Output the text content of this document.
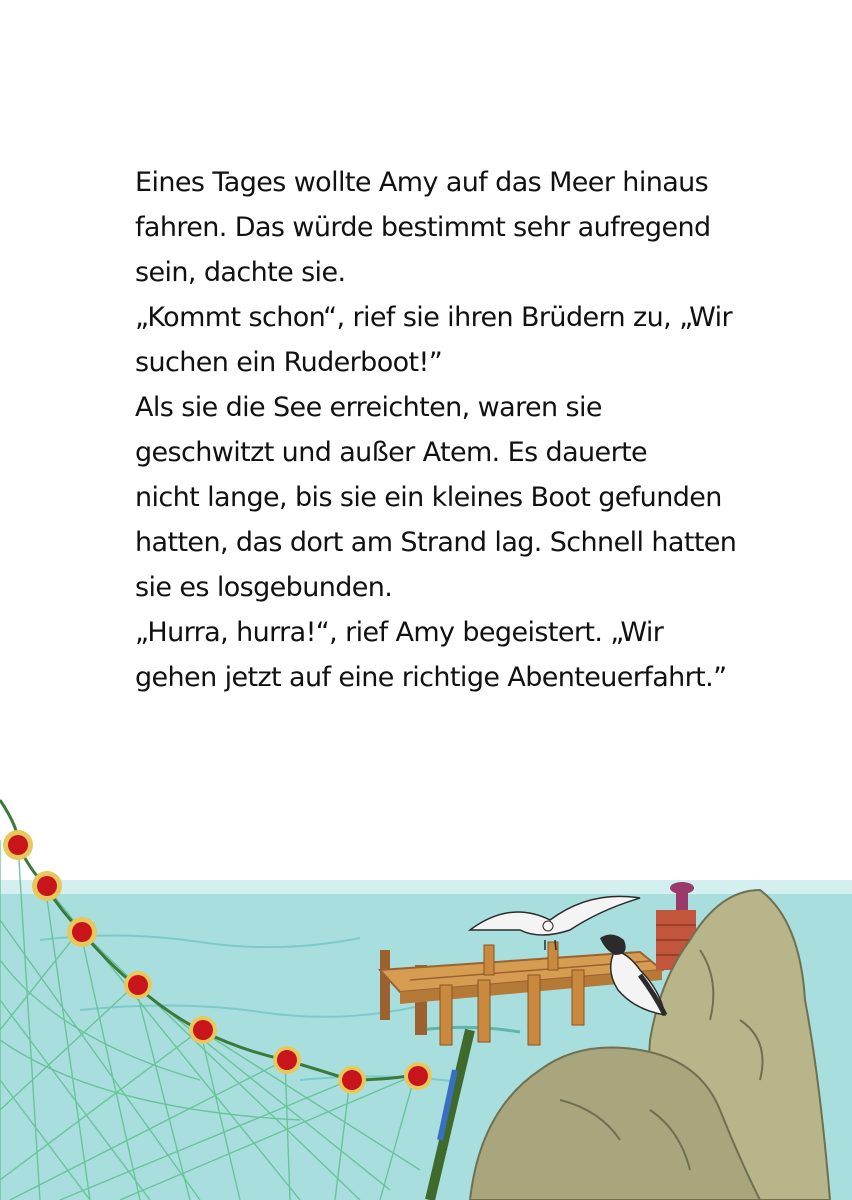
Eines Tages wollte Amy auf das Meer hinaus
fahren. Das würde bestimmt sehr aufregend
sein, dachte sie.
„Kommt schon“, rief sie ihren Brüdern zu, „Wir
suchen ein Ruderboot!”
Als sie die See erreichten, waren sie
geschwitzt und außer Atem. Es dauerte
nicht lange, bis sie ein kleines Boot gefunden
hatten, das dort am Strand lag. Schnell hatten
sie es losgebunden.
„Hurra, hurra!“, rief Amy begeistert. „Wir
gehen jetzt auf eine richtige Abenteuerfahrt.”
